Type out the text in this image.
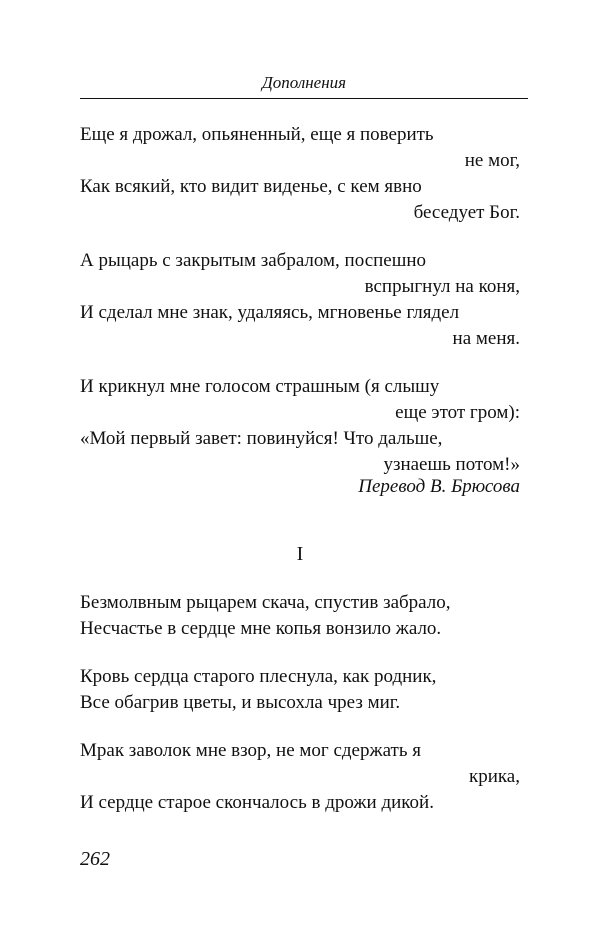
Дополнения
Еще я дрожал, опьяненный, еще я поверить
не мог,
Как всякий, кто видит виденье, с кем явно
беседует Бог.
А рыцарь с закрытым забралом, поспешно
вспрыгнул на коня,
И сделал мне знак, удаляясь, мгновенье глядел
на меня.
И крикнул мне голосом страшным (я слышу
еще этот гром):
«Мой первый завет: повинуйся! Что дальше,
узнаешь потом!»
Перевод В. Брюсова
I
Безмолвным рыцарем скача, спустив забрало,
Несчастье в сердце мне копья вонзило жало.
Кровь сердца старого плеснула, как родник,
Все обагрив цветы, и высохла чрез миг.
Мрак заволок мне взор, не мог сдержать я
крика,
И сердце старое скончалось в дрожи дикой.
262
